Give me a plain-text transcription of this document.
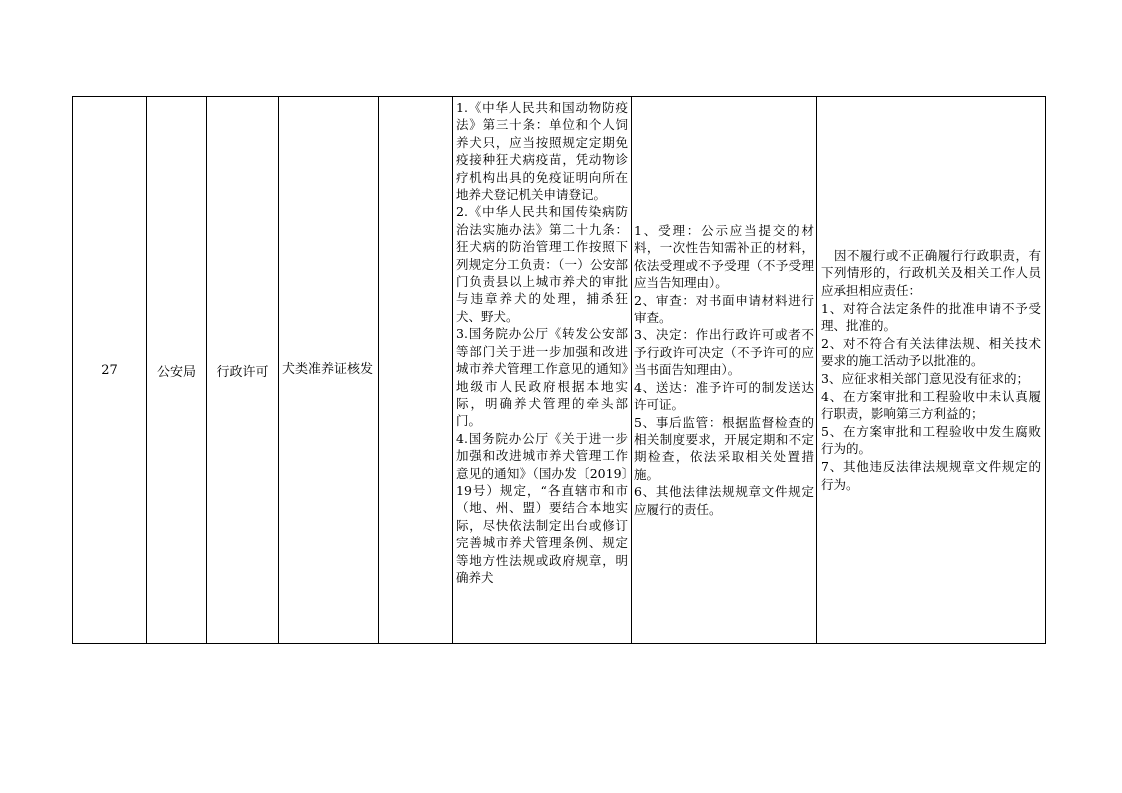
27	公安局 行政许可 犬类准养证核发

1.《中华人民共和国动物防疫法》第三十条：单位和个人饲养犬只，应当按照规定定期免疫接种狂犬病疫苗，凭动物诊疗机构出具的免疫证明向所在地养犬登记机关申请登记。

2.《中华人民共和国传染病防治法实施办法》第二十九条：狂犬病的防治管理工作按照下列规定分工负责：（一）公安部门负责县以上城市养犬的审批与违章养犬的处理，捕杀狂犬、野犬。

3.国务院办公厅《转发公安部等部门关于进一步加强和改进城市养犬管理工作意见的通知》地级市人民政府根据本地实际，明确养犬管理的牵头部门。

4.国务院办公厅《关于进一步加强和改进城市养犬管理工作意见的通知》（国办发〔2019〕19号）规定，“各直辖市和市（地、州、盟）要结合本地实际，尽快依法制定出台或修订完善城市养犬管理条例、规定等地方性法规或政府规章，明确养犬

1、受理：公示应当提交的材料，一次性告知需补正的材料，依法受理或不予受理（不予受理应当告知理由）。

2、审查：对书面申请材料进行审查。

3、决定：作出行政许可或者不予行政许可决定（不予许可的应当书面告知理由）。

4、送达：准予许可的制发送达许可证。

5、事后监管：根据监督检查的相关制度要求，开展定期和不定期检查，依法采取相关处置措施。

6、其他法律法规规章文件规定应履行的责任。

　因不履行或不正确履行行政职责，有下列情形的，行政机关及相关工作人员应承担相应责任：

1、对符合法定条件的批准申请不予受理、批准的。

2、对不符合有关法律法规、相关技术要求的施工活动予以批准的。

3、应征求相关部门意见没有征求的；

4、在方案审批和工程验收中未认真履行职责，影响第三方利益的；

5、在方案审批和工程验收中发生腐败行为的。

7、其他违反法律法规规章文件规定的行为。
